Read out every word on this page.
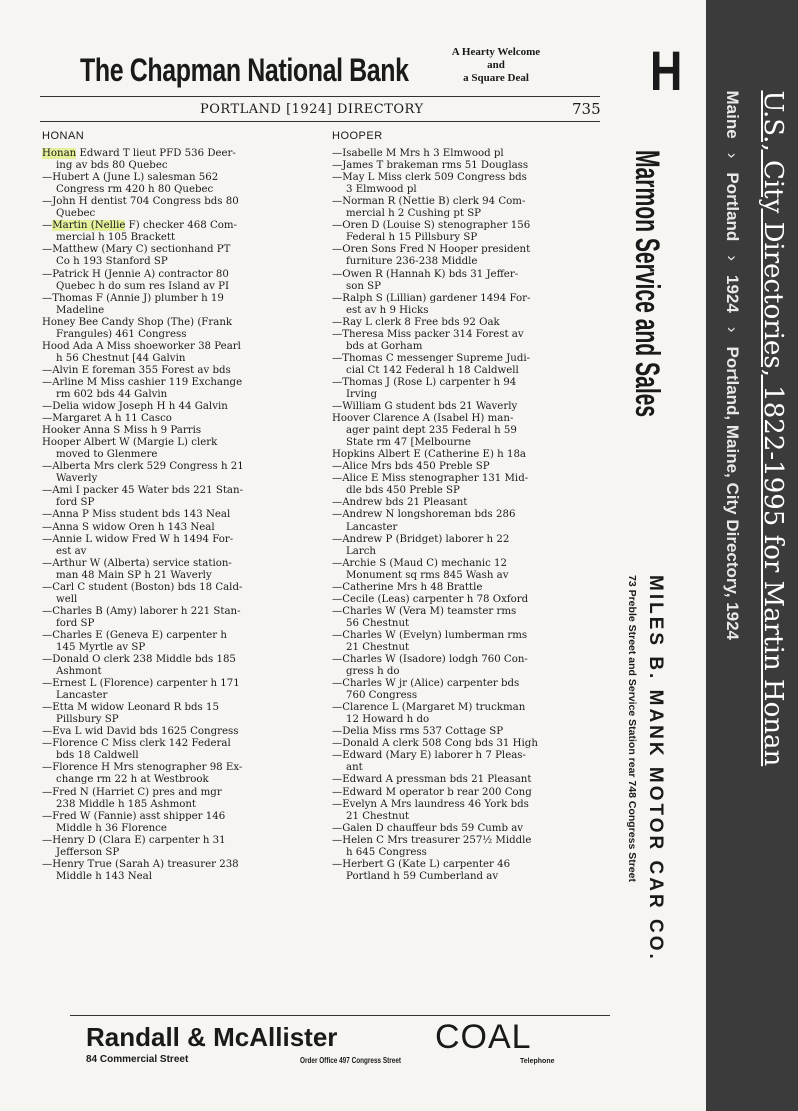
The Chapman National Bank	A Hearty Welcome
and
a Square Deal	H
PORTLAND [1924] DIRECTORY	735
HONAN
Honan Edward T lieut PFD 536 Deer-
ing av bds 80 Quebec
—Hubert A (June L) salesman 562
Congress rm 420 h 80 Quebec
—John H dentist 704 Congress bds 80
Quebec
—Martin (Nellie F) checker 468 Com-
mercial h 105 Brackett
—Matthew (Mary C) sectionhand PT
Co h 193 Stanford SP
—Patrick H (Jennie A) contractor 80
Quebec h do sum res Island av PI
—Thomas F (Annie J) plumber h 19
Madeline
Honey Bee Candy Shop (The) (Frank
Frangules) 461 Congress
Hood Ada A Miss shoeworker 38 Pearl
h 56 Chestnut [44 Galvin
—Alvin E foreman 355 Forest av bds
—Arline M Miss cashier 119 Exchange
rm 602 bds 44 Galvin
—Delia widow Joseph H h 44 Galvin
—Margaret A h 11 Casco
Hooker Anna S Miss h 9 Parris
Hooper Albert W (Margie L) clerk
moved to Glenmere
—Alberta Mrs clerk 529 Congress h 21
Waverly
—Ami I packer 45 Water bds 221 Stan-
ford SP
—Anna P Miss student bds 143 Neal
—Anna S widow Oren h 143 Neal
—Annie L widow Fred W h 1494 For-
est av
—Arthur W (Alberta) service station-
man 48 Main SP h 21 Waverly
—Carl C student (Boston) bds 18 Cald-
well
—Charles B (Amy) laborer h 221 Stan-
ford SP
—Charles E (Geneva E) carpenter h
145 Myrtle av SP
—Donald O clerk 238 Middle bds 185
Ashmont
—Ernest L (Florence) carpenter h 171
Lancaster
—Etta M widow Leonard R bds 15
Pillsbury SP
—Eva L wid David bds 1625 Congress
—Florence C Miss clerk 142 Federal
bds 18 Caldwell
—Florence H Mrs stenographer 98 Ex-
change rm 22 h at Westbrook
—Fred N (Harriet C) pres and mgr
238 Middle h 185 Ashmont
—Fred W (Fannie) asst shipper 146
Middle h 36 Florence
—Henry D (Clara E) carpenter h 31
Jefferson SP
—Henry True (Sarah A) treasurer 238
Middle h 143 Neal
HOOPER
—Isabelle M Mrs h 3 Elmwood pl
—James T brakeman rms 51 Douglass
—May L Miss clerk 509 Congress bds
3 Elmwood pl
—Norman R (Nettie B) clerk 94 Com-
mercial h 2 Cushing pt SP
—Oren D (Louise S) stenographer 156
Federal h 15 Pillsbury SP
—Oren Sons Fred N Hooper president
furniture 236-238 Middle
—Owen R (Hannah K) bds 31 Jeffer-
son SP
—Ralph S (Lillian) gardener 1494 For-
est av h 9 Hicks
—Ray L clerk 8 Free bds 92 Oak
—Theresa Miss packer 314 Forest av
bds at Gorham
—Thomas C messenger Supreme Judi-
cial Ct 142 Federal h 18 Caldwell
—Thomas J (Rose L) carpenter h 94
Irving
—William G student bds 21 Waverly
Hoover Clarence A (Isabel H) man-
ager paint dept 235 Federal h 59
State rm 47 [Melbourne
Hopkins Albert E (Catherine E) h 18a
—Alice Mrs bds 450 Preble SP
—Alice E Miss stenographer 131 Mid-
dle bds 450 Preble SP
—Andrew bds 21 Pleasant
—Andrew N longshoreman bds 286
Lancaster
—Andrew P (Bridget) laborer h 22
Larch
—Archie S (Maud C) mechanic 12
Monument sq rms 845 Wash av
—Catherine Mrs h 48 Brattle
—Cecile (Leas) carpenter h 78 Oxford
—Charles W (Vera M) teamster rms
56 Chestnut
—Charles W (Evelyn) lumberman rms
21 Chestnut
—Charles W (Isadore) lodgh 760 Con-
gress h do
—Charles W jr (Alice) carpenter bds
760 Congress
—Clarence L (Margaret M) truckman
12 Howard h do
—Delia Miss rms 537 Cottage SP
—Donald A clerk 508 Cong bds 31 High
—Edward (Mary E) laborer h 7 Pleas-
ant
—Edward A pressman bds 21 Pleasant
—Edward M operator b rear 200 Cong
—Evelyn A Mrs laundress 46 York bds
21 Chestnut
—Galen D chauffeur bds 59 Cumb av
—Helen C Mrs treasurer 257½ Middle
h 645 Congress
—Herbert G (Kate L) carpenter 46
Portland h 59 Cumberland av
Marmon Service and Sales
MILES B. MANK MOTOR CAR CO.
73 Preble Street and Service Station rear 748 Congress Street
Randall & McAllister	COAL
84 Commercial Street	Order Office 497 Congress Street	Telephone
U.S., City Directories, 1822-1995 for Martin Honan
Maine›Portland›1924›Portland, Maine, City Directory, 1924
